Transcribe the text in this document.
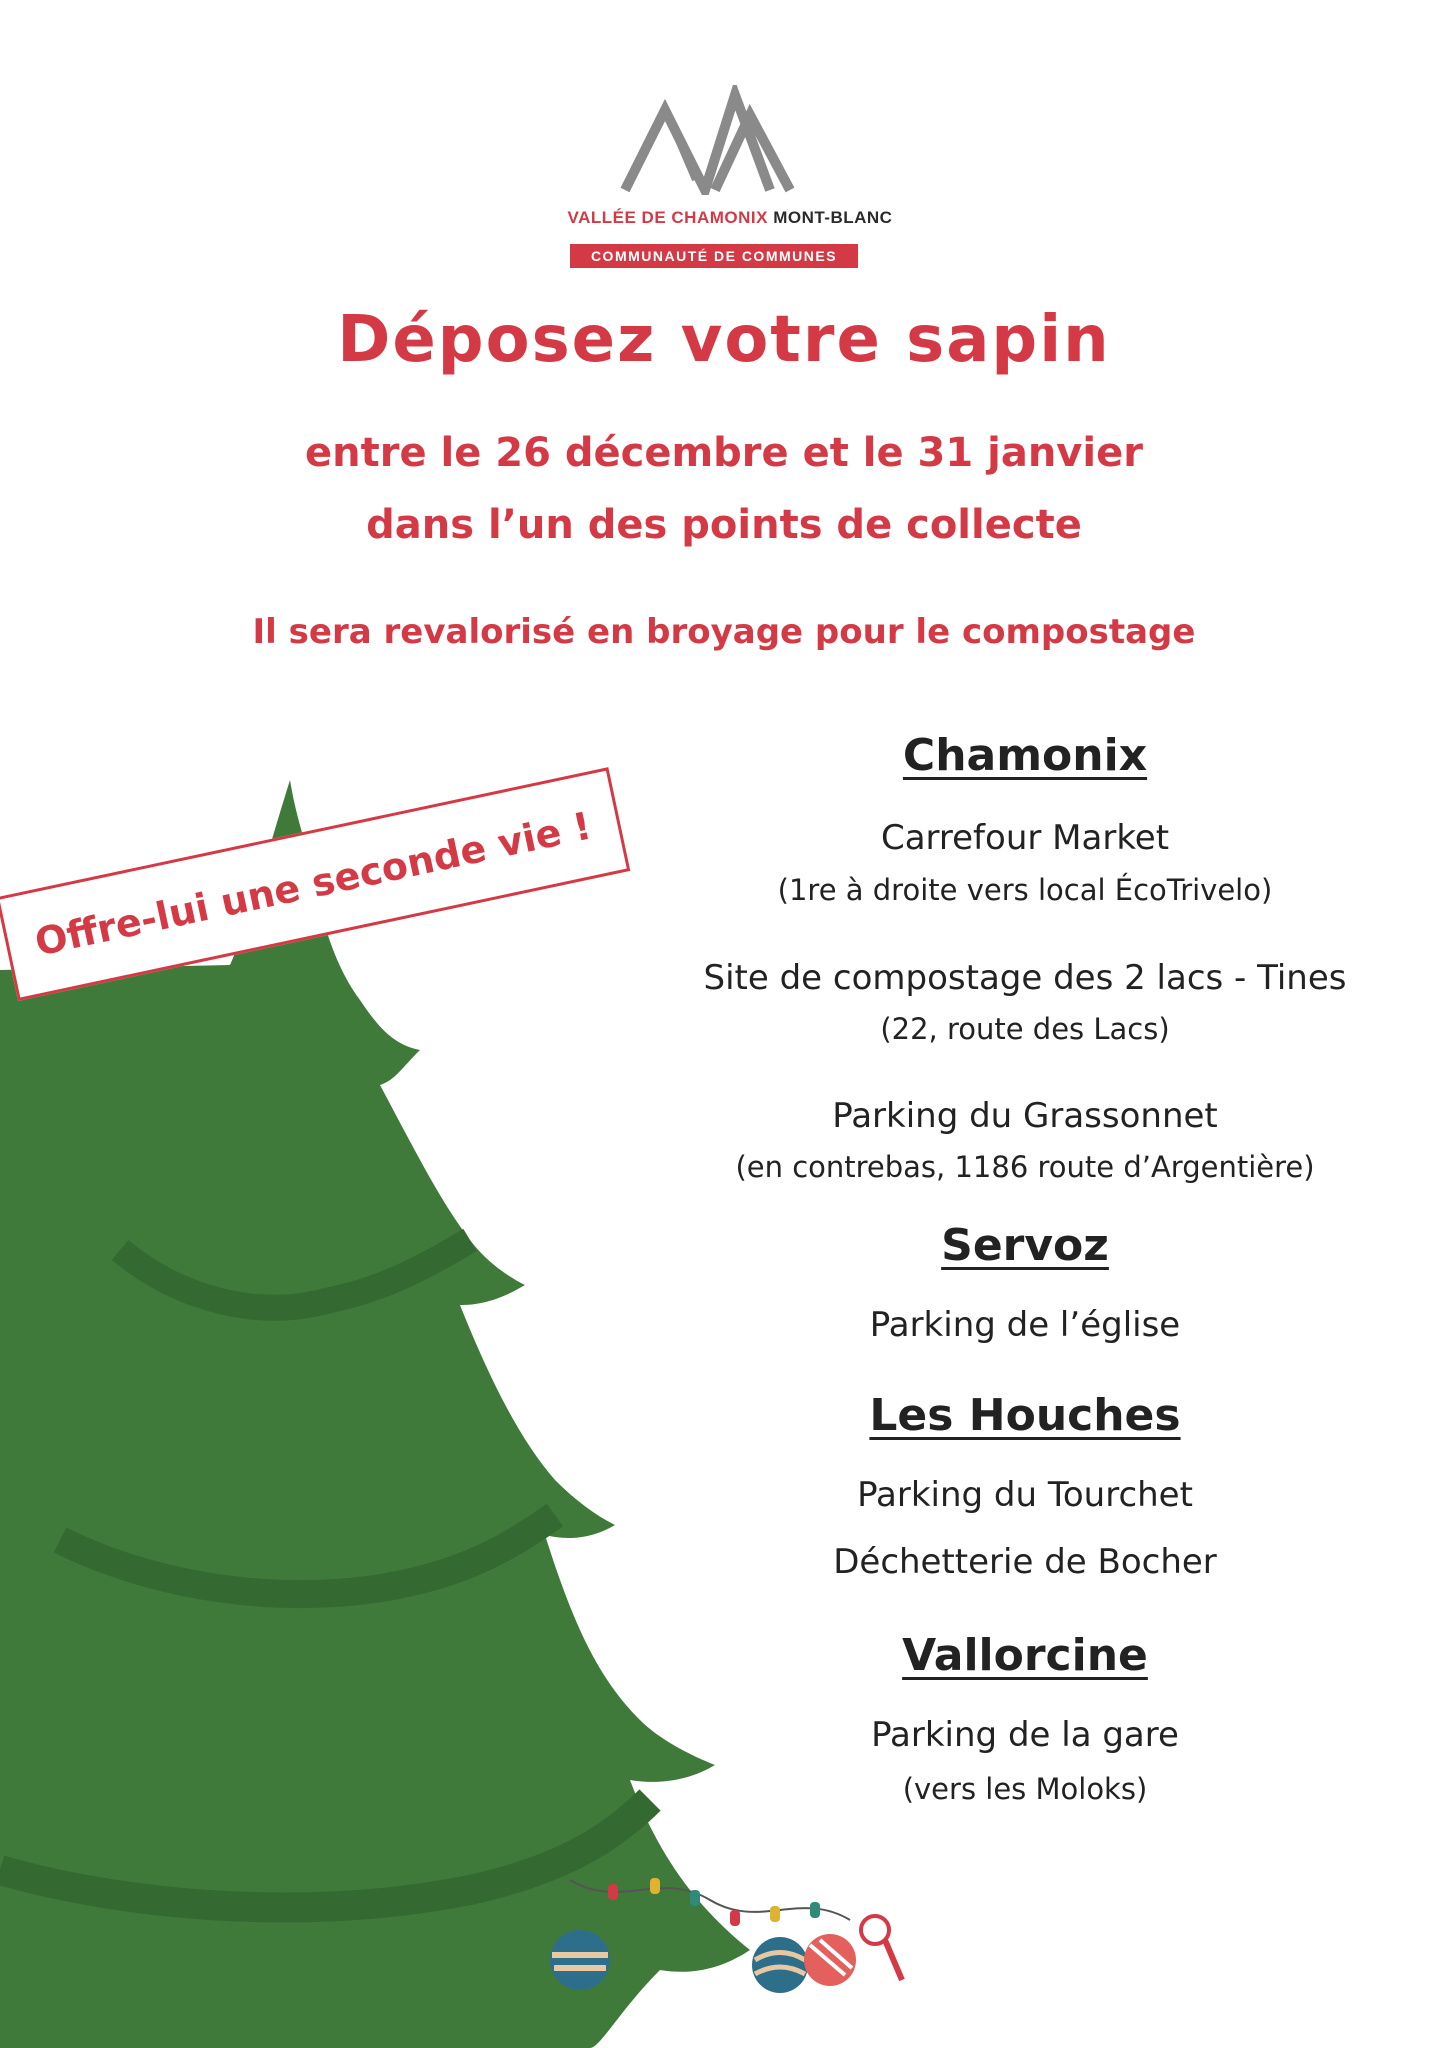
VALLÉE DE CHAMONIX MONT-BLANC
COMMUNAUTÉ DE COMMUNES
Déposez votre sapin
entre le 26 décembre et le 31 janvier
dans l’un des points de collecte
Il sera revalorisé en broyage pour le compostage
Offre-lui une seconde vie !
Chamonix
Carrefour Market
(1re à droite vers local ÉcoTrivelo)
Site de compostage des 2 lacs - Tines
(22, route des Lacs)
Parking du Grassonnet
(en contrebas, 1186 route d’Argentière)
Servoz
Parking de l’église
Les Houches
Parking du Tourchet
Déchetterie de Bocher
Vallorcine
Parking de la gare
(vers les Moloks)
